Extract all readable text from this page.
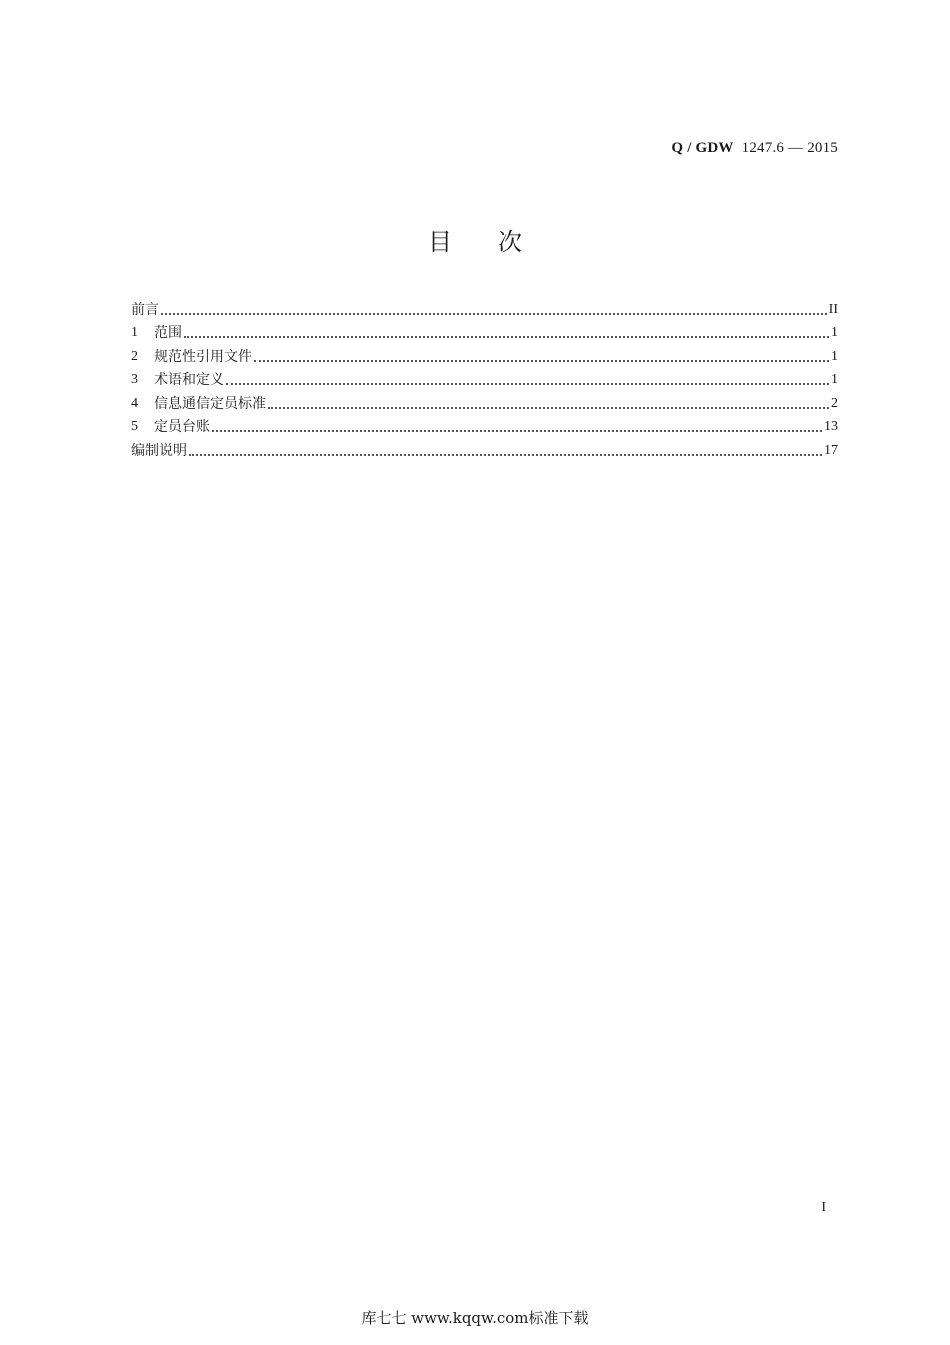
Q / GDW 1247.6 — 2015
目次
前言	II
1	范围	1
2	规范性引用文件	1
3	术语和定义	1
4	信息通信定员标准	2
5	定员台账	13
编制说明	17
I
库七七 www.kqqw.com标准下载
